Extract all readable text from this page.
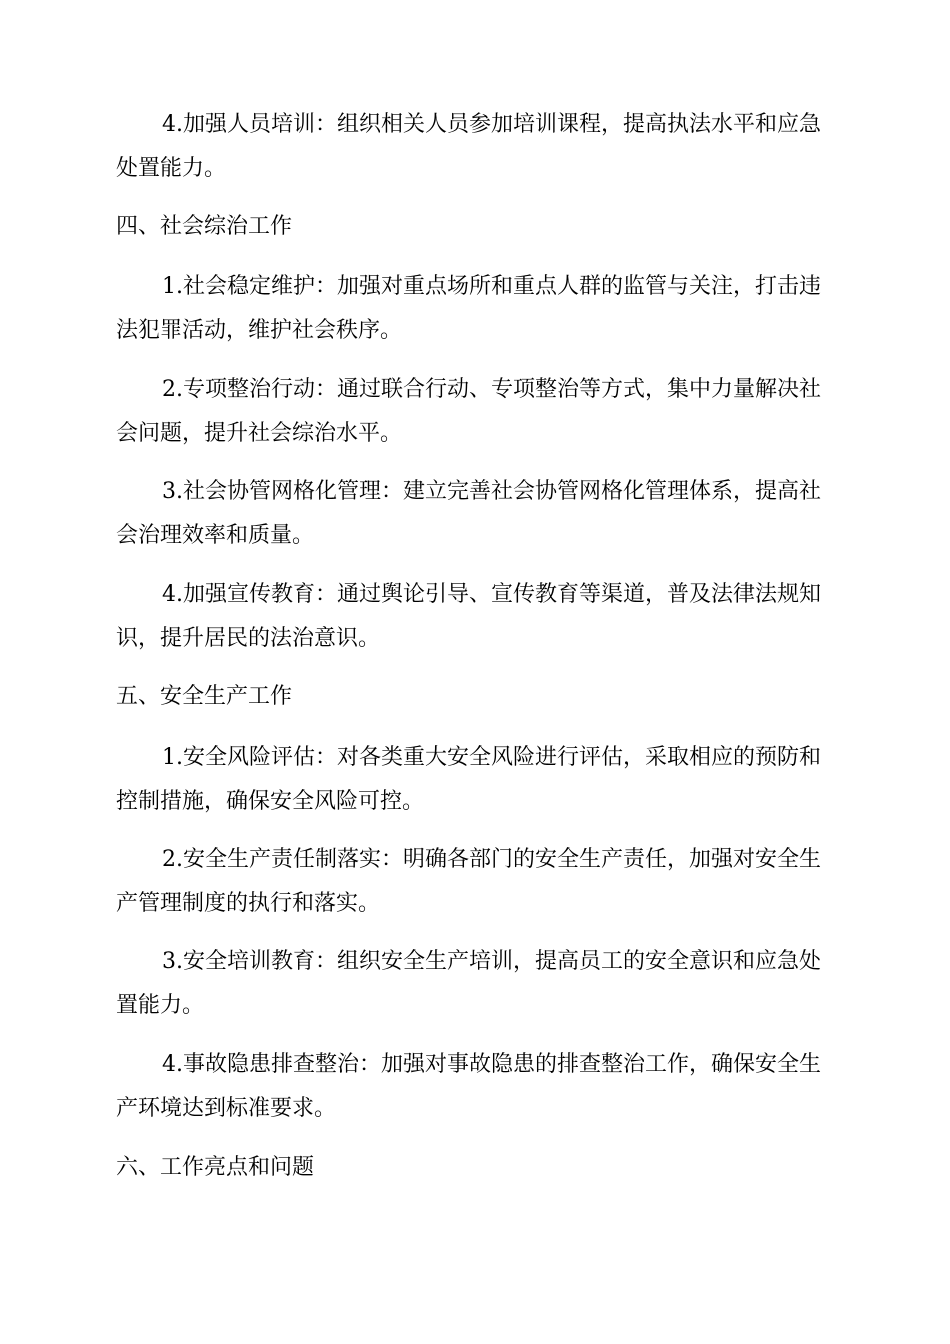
4.加强人员培训：组织相关人员参加培训课程，提高执法水平和应急处置能力。

四、社会综治工作

1.社会稳定维护：加强对重点场所和重点人群的监管与关注，打击违法犯罪活动，维护社会秩序。

2.专项整治行动：通过联合行动、专项整治等方式，集中力量解决社会问题，提升社会综治水平。

3.社会协管网格化管理：建立完善社会协管网格化管理体系，提高社会治理效率和质量。

4.加强宣传教育：通过舆论引导、宣传教育等渠道，普及法律法规知识，提升居民的法治意识。

五、安全生产工作

1.安全风险评估：对各类重大安全风险进行评估，采取相应的预防和控制措施，确保安全风险可控。

2.安全生产责任制落实：明确各部门的安全生产责任，加强对安全生产管理制度的执行和落实。

3.安全培训教育：组织安全生产培训，提高员工的安全意识和应急处置能力。

4.事故隐患排查整治：加强对事故隐患的排查整治工作，确保安全生产环境达到标准要求。

六、工作亮点和问题
